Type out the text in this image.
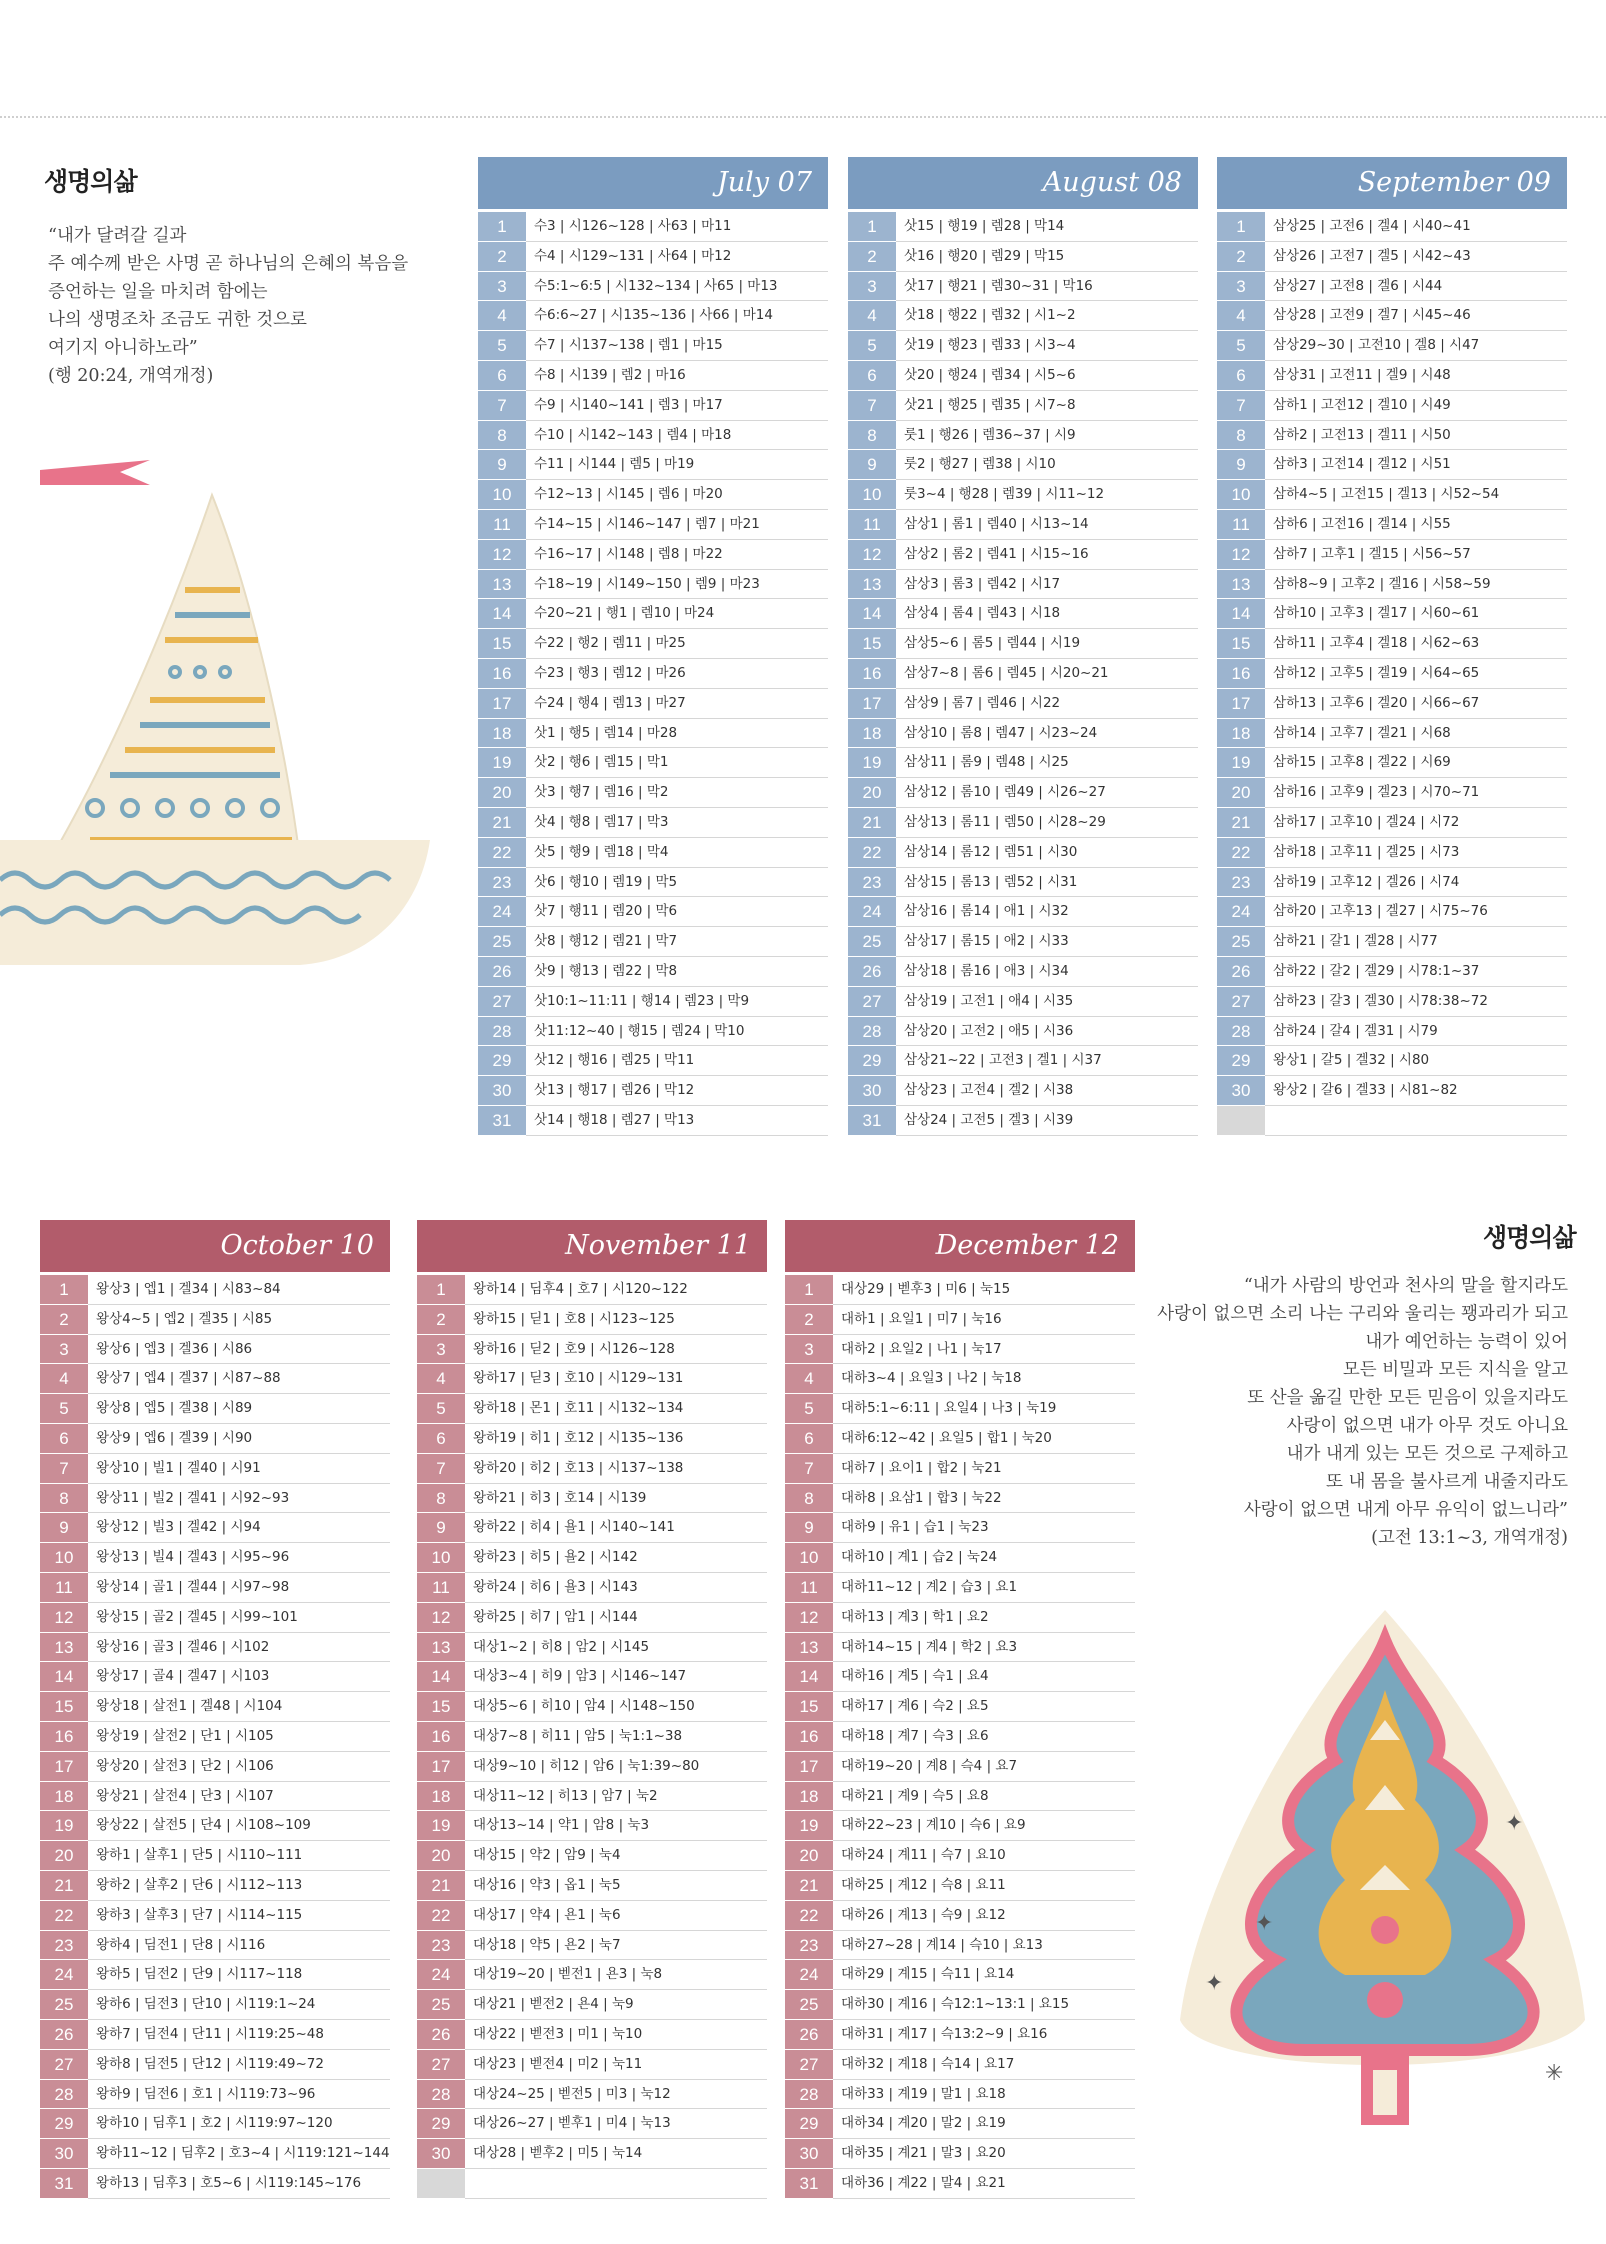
생명의삶
“내가 달려갈 길과
주 예수께 받은 사명 곧 하나님의 은혜의 복음을
증언하는 일을 마치려 함에는
나의 생명조차 조금도 귀한 것으로
여기지 아니하노라”
(행 20:24, 개역개정)
생명의삶
“내가 사람의 방언과 천사의 말을 할지라도
사랑이 없으면 소리 나는 구리와 울리는 꽹과리가 되고
내가 예언하는 능력이 있어
모든 비밀과 모든 지식을 알고
또 산을 옮길 만한 모든 믿음이 있을지라도
사랑이 없으면 내가 아무 것도 아니요
내가 내게 있는 모든 것으로 구제하고
또 내 몸을 불사르게 내줄지라도
사랑이 없으면 내게 아무 유익이 없느니라”
(고전 13:1~3, 개역개정)
✦
✦
✦
✳
July 07
1	수3 | 시126~128 | 사63 | 마11
2	수4 | 시129~131 | 사64 | 마12
3	수5:1~6:5 | 시132~134 | 사65 | 마13
4	수6:6~27 | 시135~136 | 사66 | 마14
5	수7 | 시137~138 | 렘1 | 마15
6	수8 | 시139 | 렘2 | 마16
7	수9 | 시140~141 | 렘3 | 마17
8	수10 | 시142~143 | 렘4 | 마18
9	수11 | 시144 | 렘5 | 마19
10	수12~13 | 시145 | 렘6 | 마20
11	수14~15 | 시146~147 | 렘7 | 마21
12	수16~17 | 시148 | 렘8 | 마22
13	수18~19 | 시149~150 | 렘9 | 마23
14	수20~21 | 행1 | 렘10 | 마24
15	수22 | 행2 | 렘11 | 마25
16	수23 | 행3 | 렘12 | 마26
17	수24 | 행4 | 렘13 | 마27
18	삿1 | 행5 | 렘14 | 마28
19	삿2 | 행6 | 렘15 | 막1
20	삿3 | 행7 | 렘16 | 막2
21	삿4 | 행8 | 렘17 | 막3
22	삿5 | 행9 | 렘18 | 막4
23	삿6 | 행10 | 렘19 | 막5
24	삿7 | 행11 | 렘20 | 막6
25	삿8 | 행12 | 렘21 | 막7
26	삿9 | 행13 | 렘22 | 막8
27	삿10:1~11:11 | 행14 | 렘23 | 막9
28	삿11:12~40 | 행15 | 렘24 | 막10
29	삿12 | 행16 | 렘25 | 막11
30	삿13 | 행17 | 렘26 | 막12
31	삿14 | 행18 | 렘27 | 막13
August 08
1	삿15 | 행19 | 렘28 | 막14
2	삿16 | 행20 | 렘29 | 막15
3	삿17 | 행21 | 렘30~31 | 막16
4	삿18 | 행22 | 렘32 | 시1~2
5	삿19 | 행23 | 렘33 | 시3~4
6	삿20 | 행24 | 렘34 | 시5~6
7	삿21 | 행25 | 렘35 | 시7~8
8	룻1 | 행26 | 렘36~37 | 시9
9	룻2 | 행27 | 렘38 | 시10
10	룻3~4 | 행28 | 렘39 | 시11~12
11	삼상1 | 롬1 | 렘40 | 시13~14
12	삼상2 | 롬2 | 렘41 | 시15~16
13	삼상3 | 롬3 | 렘42 | 시17
14	삼상4 | 롬4 | 렘43 | 시18
15	삼상5~6 | 롬5 | 렘44 | 시19
16	삼상7~8 | 롬6 | 렘45 | 시20~21
17	삼상9 | 롬7 | 렘46 | 시22
18	삼상10 | 롬8 | 렘47 | 시23~24
19	삼상11 | 롬9 | 렘48 | 시25
20	삼상12 | 롬10 | 렘49 | 시26~27
21	삼상13 | 롬11 | 렘50 | 시28~29
22	삼상14 | 롬12 | 렘51 | 시30
23	삼상15 | 롬13 | 렘52 | 시31
24	삼상16 | 롬14 | 애1 | 시32
25	삼상17 | 롬15 | 애2 | 시33
26	삼상18 | 롬16 | 애3 | 시34
27	삼상19 | 고전1 | 애4 | 시35
28	삼상20 | 고전2 | 애5 | 시36
29	삼상21~22 | 고전3 | 겔1 | 시37
30	삼상23 | 고전4 | 겔2 | 시38
31	삼상24 | 고전5 | 겔3 | 시39
September 09
1	삼상25 | 고전6 | 겔4 | 시40~41
2	삼상26 | 고전7 | 겔5 | 시42~43
3	삼상27 | 고전8 | 겔6 | 시44
4	삼상28 | 고전9 | 겔7 | 시45~46
5	삼상29~30 | 고전10 | 겔8 | 시47
6	삼상31 | 고전11 | 겔9 | 시48
7	삼하1 | 고전12 | 겔10 | 시49
8	삼하2 | 고전13 | 겔11 | 시50
9	삼하3 | 고전14 | 겔12 | 시51
10	삼하4~5 | 고전15 | 겔13 | 시52~54
11	삼하6 | 고전16 | 겔14 | 시55
12	삼하7 | 고후1 | 겔15 | 시56~57
13	삼하8~9 | 고후2 | 겔16 | 시58~59
14	삼하10 | 고후3 | 겔17 | 시60~61
15	삼하11 | 고후4 | 겔18 | 시62~63
16	삼하12 | 고후5 | 겔19 | 시64~65
17	삼하13 | 고후6 | 겔20 | 시66~67
18	삼하14 | 고후7 | 겔21 | 시68
19	삼하15 | 고후8 | 겔22 | 시69
20	삼하16 | 고후9 | 겔23 | 시70~71
21	삼하17 | 고후10 | 겔24 | 시72
22	삼하18 | 고후11 | 겔25 | 시73
23	삼하19 | 고후12 | 겔26 | 시74
24	삼하20 | 고후13 | 겔27 | 시75~76
25	삼하21 | 갈1 | 겔28 | 시77
26	삼하22 | 갈2 | 겔29 | 시78:1~37
27	삼하23 | 갈3 | 겔30 | 시78:38~72
28	삼하24 | 갈4 | 겔31 | 시79
29	왕상1 | 갈5 | 겔32 | 시80
30	왕상2 | 갈6 | 겔33 | 시81~82
October 10
1	왕상3 | 엡1 | 겔34 | 시83~84
2	왕상4~5 | 엡2 | 겔35 | 시85
3	왕상6 | 엡3 | 겔36 | 시86
4	왕상7 | 엡4 | 겔37 | 시87~88
5	왕상8 | 엡5 | 겔38 | 시89
6	왕상9 | 엡6 | 겔39 | 시90
7	왕상10 | 빌1 | 겔40 | 시91
8	왕상11 | 빌2 | 겔41 | 시92~93
9	왕상12 | 빌3 | 겔42 | 시94
10	왕상13 | 빌4 | 겔43 | 시95~96
11	왕상14 | 골1 | 겔44 | 시97~98
12	왕상15 | 골2 | 겔45 | 시99~101
13	왕상16 | 골3 | 겔46 | 시102
14	왕상17 | 골4 | 겔47 | 시103
15	왕상18 | 살전1 | 겔48 | 시104
16	왕상19 | 살전2 | 단1 | 시105
17	왕상20 | 살전3 | 단2 | 시106
18	왕상21 | 살전4 | 단3 | 시107
19	왕상22 | 살전5 | 단4 | 시108~109
20	왕하1 | 살후1 | 단5 | 시110~111
21	왕하2 | 살후2 | 단6 | 시112~113
22	왕하3 | 살후3 | 단7 | 시114~115
23	왕하4 | 딤전1 | 단8 | 시116
24	왕하5 | 딤전2 | 단9 | 시117~118
25	왕하6 | 딤전3 | 단10 | 시119:1~24
26	왕하7 | 딤전4 | 단11 | 시119:25~48
27	왕하8 | 딤전5 | 단12 | 시119:49~72
28	왕하9 | 딤전6 | 호1 | 시119:73~96
29	왕하10 | 딤후1 | 호2 | 시119:97~120
30	왕하11~12 | 딤후2 | 호3~4 | 시119:121~144
31	왕하13 | 딤후3 | 호5~6 | 시119:145~176
November 11
1	왕하14 | 딤후4 | 호7 | 시120~122
2	왕하15 | 딛1 | 호8 | 시123~125
3	왕하16 | 딛2 | 호9 | 시126~128
4	왕하17 | 딛3 | 호10 | 시129~131
5	왕하18 | 몬1 | 호11 | 시132~134
6	왕하19 | 히1 | 호12 | 시135~136
7	왕하20 | 히2 | 호13 | 시137~138
8	왕하21 | 히3 | 호14 | 시139
9	왕하22 | 히4 | 욜1 | 시140~141
10	왕하23 | 히5 | 욜2 | 시142
11	왕하24 | 히6 | 욜3 | 시143
12	왕하25 | 히7 | 암1 | 시144
13	대상1~2 | 히8 | 암2 | 시145
14	대상3~4 | 히9 | 암3 | 시146~147
15	대상5~6 | 히10 | 암4 | 시148~150
16	대상7~8 | 히11 | 암5 | 눅1:1~38
17	대상9~10 | 히12 | 암6 | 눅1:39~80
18	대상11~12 | 히13 | 암7 | 눅2
19	대상13~14 | 약1 | 암8 | 눅3
20	대상15 | 약2 | 암9 | 눅4
21	대상16 | 약3 | 옵1 | 눅5
22	대상17 | 약4 | 욘1 | 눅6
23	대상18 | 약5 | 욘2 | 눅7
24	대상19~20 | 벧전1 | 욘3 | 눅8
25	대상21 | 벧전2 | 욘4 | 눅9
26	대상22 | 벧전3 | 미1 | 눅10
27	대상23 | 벧전4 | 미2 | 눅11
28	대상24~25 | 벧전5 | 미3 | 눅12
29	대상26~27 | 벧후1 | 미4 | 눅13
30	대상28 | 벧후2 | 미5 | 눅14
December 12
1	대상29 | 벧후3 | 미6 | 눅15
2	대하1 | 요일1 | 미7 | 눅16
3	대하2 | 요일2 | 나1 | 눅17
4	대하3~4 | 요일3 | 나2 | 눅18
5	대하5:1~6:11 | 요일4 | 나3 | 눅19
6	대하6:12~42 | 요일5 | 합1 | 눅20
7	대하7 | 요이1 | 합2 | 눅21
8	대하8 | 요삼1 | 합3 | 눅22
9	대하9 | 유1 | 습1 | 눅23
10	대하10 | 계1 | 습2 | 눅24
11	대하11~12 | 계2 | 습3 | 요1
12	대하13 | 계3 | 학1 | 요2
13	대하14~15 | 계4 | 학2 | 요3
14	대하16 | 계5 | 슥1 | 요4
15	대하17 | 계6 | 슥2 | 요5
16	대하18 | 계7 | 슥3 | 요6
17	대하19~20 | 계8 | 슥4 | 요7
18	대하21 | 계9 | 슥5 | 요8
19	대하22~23 | 계10 | 슥6 | 요9
20	대하24 | 계11 | 슥7 | 요10
21	대하25 | 계12 | 슥8 | 요11
22	대하26 | 계13 | 슥9 | 요12
23	대하27~28 | 계14 | 슥10 | 요13
24	대하29 | 계15 | 슥11 | 요14
25	대하30 | 계16 | 슥12:1~13:1 | 요15
26	대하31 | 계17 | 슥13:2~9 | 요16
27	대하32 | 계18 | 슥14 | 요17
28	대하33 | 계19 | 말1 | 요18
29	대하34 | 계20 | 말2 | 요19
30	대하35 | 계21 | 말3 | 요20
31	대하36 | 계22 | 말4 | 요21
